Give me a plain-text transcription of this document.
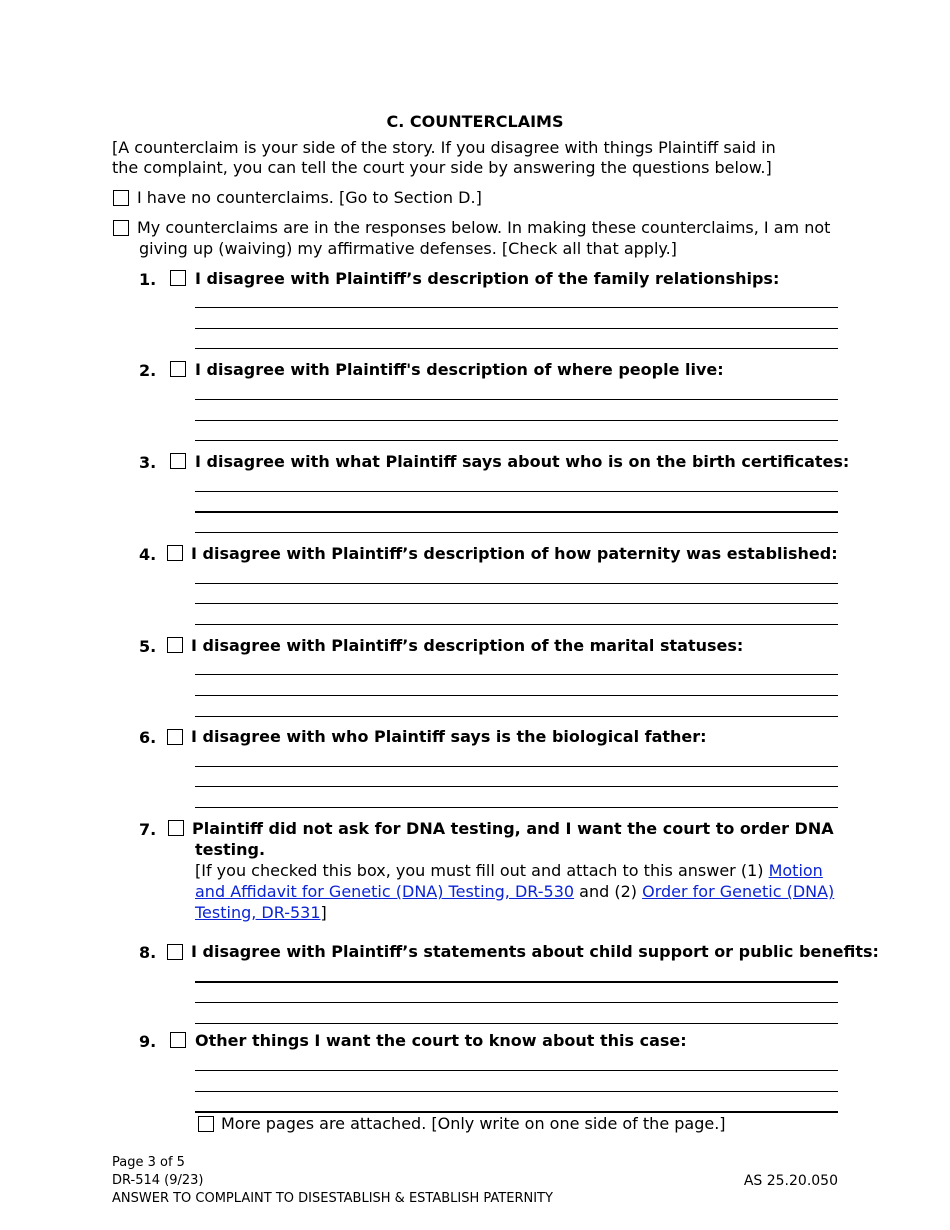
C. COUNTERCLAIMS
[A counterclaim is your side of the story. If you disagree with things Plaintiff said in the complaint, you can tell the court your side by answering the questions below.]
I have no counterclaims. [Go to Section D.]
My counterclaims are in the responses below. In making these counterclaims, I am not
giving up (waiving) my affirmative defenses. [Check all that apply.]
1. I disagree with Plaintiff’s description of the family relationships:
2. I disagree with Plaintiff's description of where people live:
3. I disagree with what Plaintiff says about who is on the birth certificates:
4. I disagree with Plaintiff’s description of how paternity was established:
5. I disagree with Plaintiff’s description of the marital statuses:
6. I disagree with who Plaintiff says is the biological father:
7. Plaintiff did not ask for DNA testing, and I want the court to order DNA
testing.
[If you checked this box, you must fill out and attach to this answer (1) Motion and Affidavit for Genetic (DNA) Testing, DR-530 and (2) Order for Genetic (DNA) Testing, DR-531]
8. I disagree with Plaintiff’s statements about child support or public benefits:
9. Other things I want the court to know about this case:
More pages are attached. [Only write on one side of the page.]
Page 3 of 5
DR-514 (9/23)
ANSWER TO COMPLAINT TO DISESTABLISH & ESTABLISH PATERNITY
AS 25.20.050
